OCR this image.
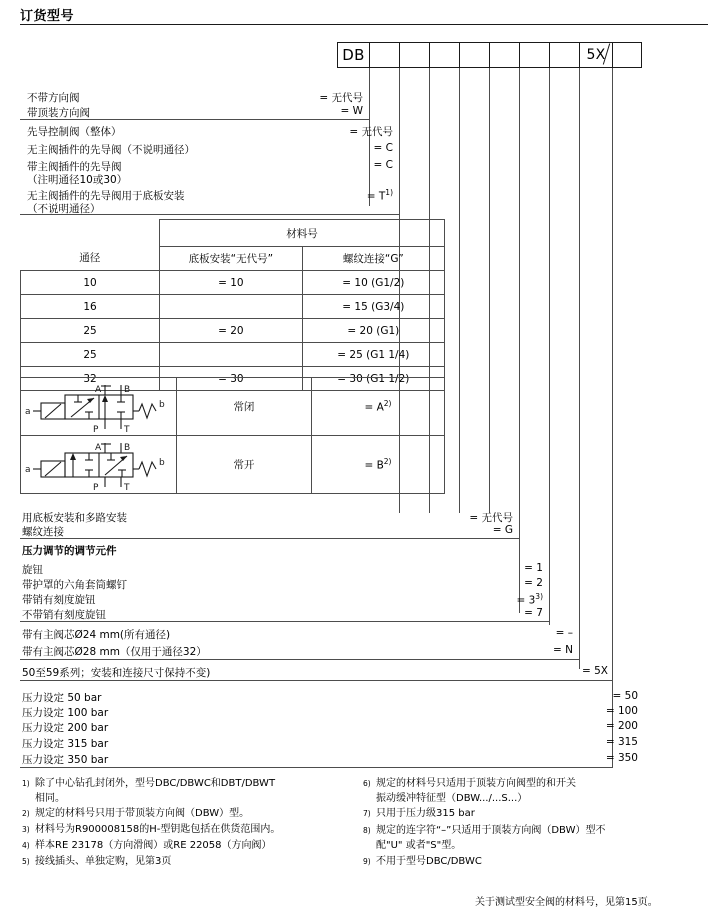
订货型号
DB	5X
不带方向阀	= 无代号
带顶装方向阀	= W
先导控制阀（整体）	= 无代号
无主阀插件的先导阀（不说明通径）	= C
带主阀插件的先导阀	= C
（注明通径10或30）
无主阀插件的先导阀用于底板安装	= $T^{1)}$
（不说明通径）
通径	材料号	
	底板安装“无代号”	螺纹连接“G”
10	= 10	= 10 (G1/2)
16		= 15 (G3/4)
25	= 20	= 20 (G1)
25		= 25 (G1 1/4)
32	= 30	= 30 (G1 1/2)
a
b
A	B
P	T
	常闭	= $A^{2)}$

a
b
A	B
P	T
	常开	= $B^{2)}$
用底板安装和多路安装	= 无代号
螺纹连接	= G
压力调节的调节元件
旋钮	= 1
带护罩的六角套筒螺钉	= 2
带销有刻度旋钮	= $3^{3)}$
不带销有刻度旋钮	= 7
带有主阀芯Ø24 mm(所有通径)	= –
带有主阀芯Ø28 mm（仅用于通径32）	= N
50至59系列；安装和连接尺寸保持不变)	= 5X
压力设定 50 bar	= 50
压力设定 100 bar	= 100
压力设定 200 bar	= 200
压力设定 315 bar	= 315
压力设定 350 bar	= 350
1) 除了中心钻孔封闭外，型号DBC/DBWC和DBT/DBWT
相同。
2) 规定的材料号只用于带顶装方向阀（DBW）型。
3) 材料号为R900008158的H-型钥匙包括在供货范围内。
4) 样本RE 23178（方向滑阀）或RE 22058（方向阀）
5) 接线插头、单独定购，见第3页
6) 规定的材料号只适用于顶装方向阀型的和开关
振动缓冲特征型（DBW.../...S...）
7) 只用于压力级315 bar
8) 规定的连字符“–”只适用于顶装方向阀（DBW）型不
配"U" 或者"S"型。
9) 不用于型号DBC/DBWC
关于测试型安全阀的材料号，见第15页。
